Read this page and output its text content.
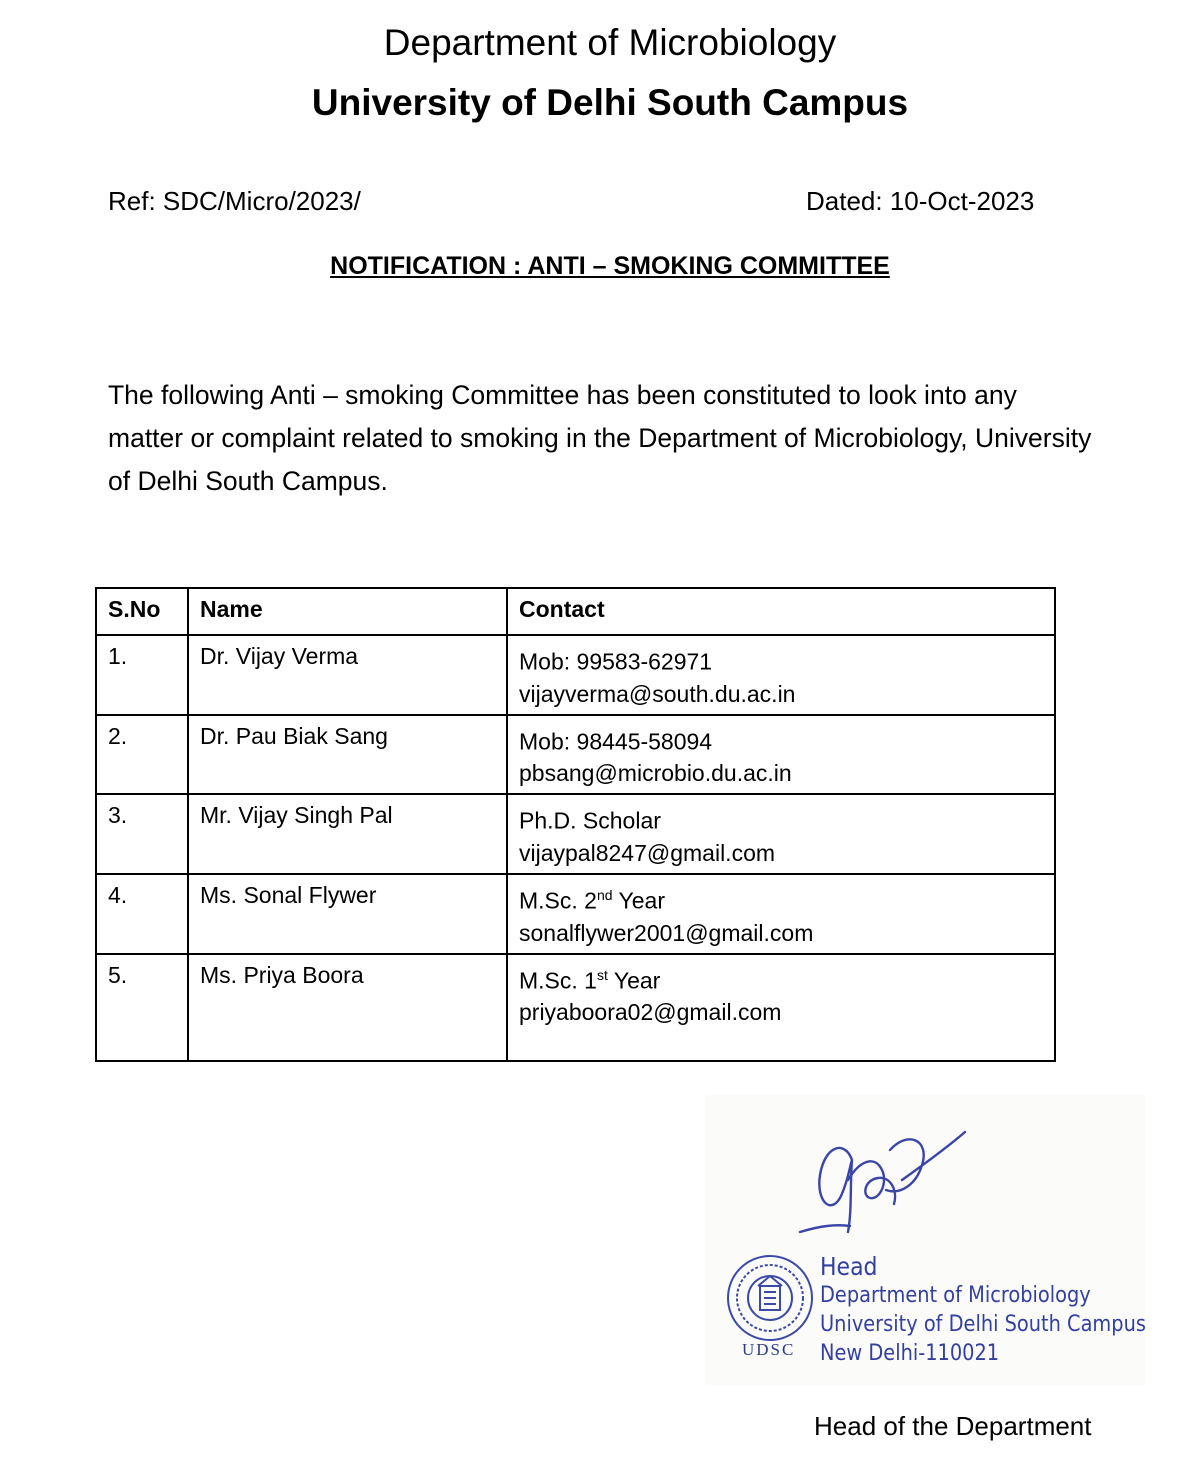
Department of Microbiology
University of Delhi South Campus
Ref: SDC/Micro/2023/	Dated: 10-Oct-2023
NOTIFICATION : ANTI – SMOKING COMMITTEE

The following Anti – smoking Committee has been constituted to look into any matter or complaint related to smoking in the Department of Microbiology, University of Delhi South Campus.

S.No	Name	Contact
1.	Dr. Vijay Verma	Mob: 99583-62971
vijayverma@south.du.ac.in

2.	Dr. Pau Biak Sang	Mob: 98445-58094
pbsang@microbio.du.ac.in

3.	Mr. Vijay Singh Pal	Ph.D. Scholar
vijaypal8247@gmail.com

4.	Ms. Sonal Flywer	M.Sc. 2nd Year
sonalflywer2001@gmail.com

5.	Ms. Priya Boora	M.Sc. 1st Year
priyaboora02@gmail.com
UDSC
Head
Department of Microbiology
University of Delhi South Campus
New Delhi-110021
Head of the Department
